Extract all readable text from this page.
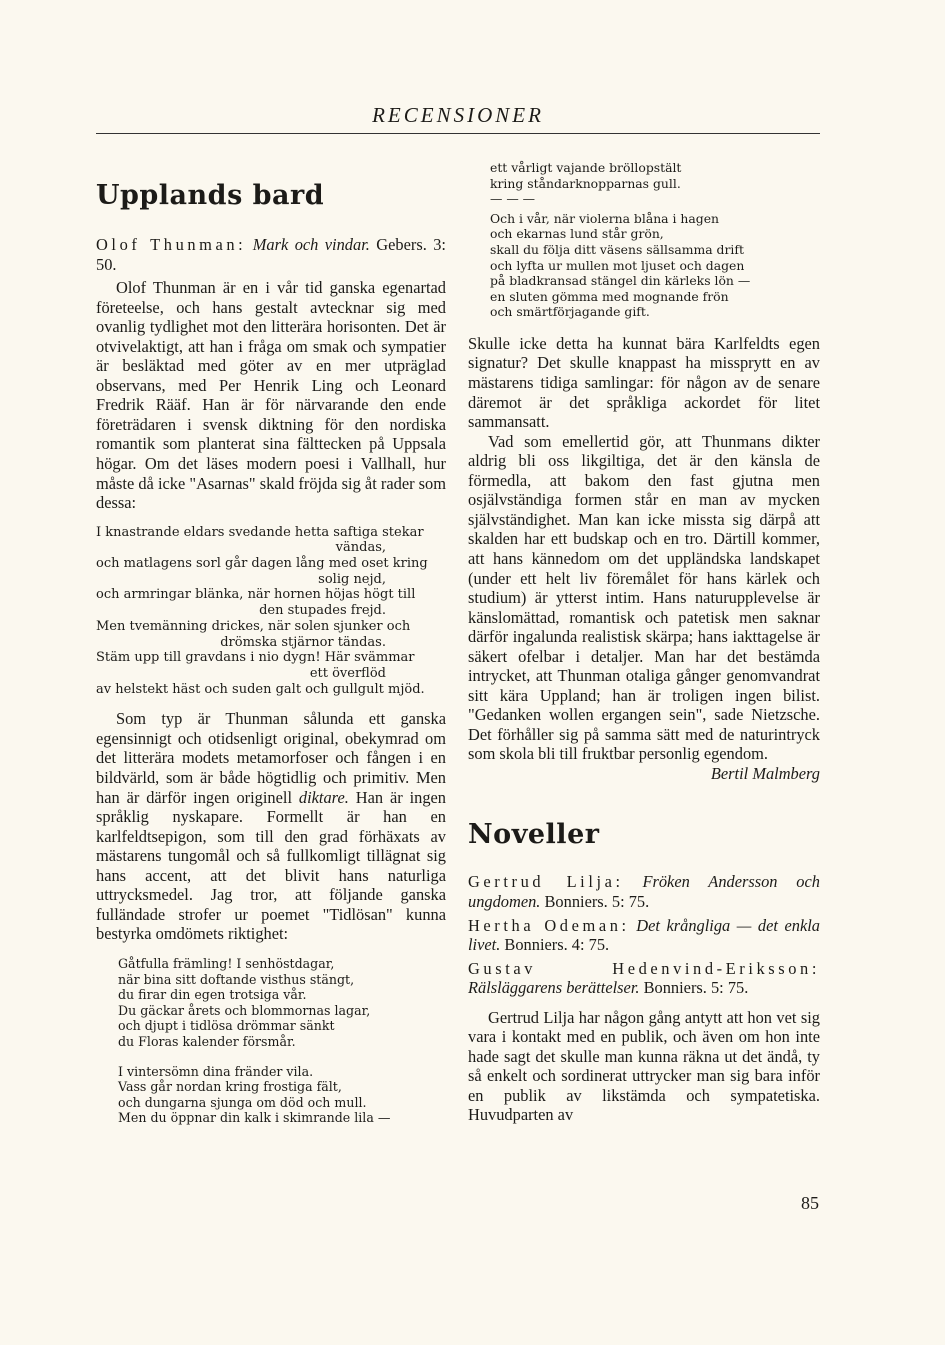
RECENSIONER
Upplands bard

Olof Thunman: Mark och vindar. Gebers. 3: 50.

Olof Thunman är en i vår tid ganska egenartad företeelse, och hans gestalt avtecknar sig med ovanlig tydlighet mot den litterära horisonten. Det är otvivelaktigt, att han i fråga om smak och sympatier är besläktad med göter av en mer utpräglad observans, med Per Henrik Ling och Leonard Fredrik Rääf. Han är för närvarande den ende företrädaren i svensk diktning för den nordiska romantik som planterat sina fälttecken på Uppsala högar. Om det läses modern poesi i Vallhall, hur måste då icke "Asarnas" skald fröjda sig åt rader som dessa:

I knastrande eldars svedande hetta saftiga stekar
vändas,
och matlagens sorl går dagen lång med oset kring
solig nejd,
och armringar blänka, när hornen höjas högt till
den stupades frejd.
Men tvemänning drickes, när solen sjunker och
drömska stjärnor tändas.
Stäm upp till gravdans i nio dygn! Här svämmar
ett överflöd
av helstekt häst och suden galt och gullgult mjöd.

Som typ är Thunman sålunda ett ganska egensinnigt och otidsenligt original, obekymrad om det litterära modets metamorfoser och fången i en bildvärld, som är både högtidlig och primitiv. Men han är därför ingen originell diktare. Han är ingen språklig nyskapare. Formellt är han en karlfeldtsepigon, som till den grad förhäxats av mästarens tungomål och så fullkomligt tillägnat sig hans accent, att det blivit hans naturliga uttrycksmedel. Jag tror, att följande ganska fulländade strofer ur poemet "Tidlösan" kunna bestyrka omdömets riktighet:

Gåtfulla främling! I senhöstdagar,
när bina sitt doftande visthus stängt,
du firar din egen trotsiga vår.
Du gäckar årets och blommornas lagar,
och djupt i tidlösa drömmar sänkt
du Floras kalender försmår.
I vintersömn dina fränder vila.
Vass går nordan kring frostiga fält,
och dungarna sjunga om död och mull.
Men du öppnar din kalk i skimrande lila —
ett vårligt vajande bröllopstält
kring ståndarknopparnas gull.
— — —
Och i vår, när violerna blåna i hagen
och ekarnas lund står grön,
skall du följa ditt väsens sällsamma drift
och lyfta ur mullen mot ljuset och dagen
på bladkransad stängel din kärleks lön —
en sluten gömma med mognande frön
och smärtförjagande gift.

Skulle icke detta ha kunnat bära Karlfeldts egen signatur? Det skulle knappast ha missprytt en av mästarens tidiga samlingar: för någon av de senare däremot är det språkliga ackordet för litet sammansatt.

Vad som emellertid gör, att Thunmans dikter aldrig bli oss likgiltiga, det är den känsla de förmedla, att bakom den fast gjutna men osjälvständiga formen står en man av mycken självständighet. Man kan icke missta sig därpå att skalden har ett budskap och en tro. Därtill kommer, att hans kännedom om det uppländska landskapet (under ett helt liv föremålet för hans kärlek och studium) är ytterst intim. Hans naturupplevelse är känslomättad, romantisk och patetisk men saknar därför ingalunda realistisk skärpa; hans iakttagelse är säkert ofelbar i detaljer. Man har det bestämda intrycket, att Thunman otaliga gånger genomvandrat sitt kära Uppland; han är troligen ingen bilist. "Gedanken wollen ergangen sein", sade Nietzsche. Det förhåller sig på samma sätt med de naturintryck som skola bli till fruktbar personlig egendom.

Bertil Malmberg
Noveller

Gertrud Lilja: Fröken Andersson och ungdomen. Bonniers. 5: 75.

Hertha Odeman: Det krångliga — det enkla livet. Bonniers. 4: 75.

Gustav Hedenvind-Eriksson: Rälsläggarens berättelser. Bonniers. 5: 75.

Gertrud Lilja har någon gång antytt att hon vet sig vara i kontakt med en publik, och även om hon inte hade sagt det skulle man kunna räkna ut det ändå, ty så enkelt och sordinerat uttrycker man sig bara inför en publik av likstämda och sympatetiska. Huvudparten av

85
